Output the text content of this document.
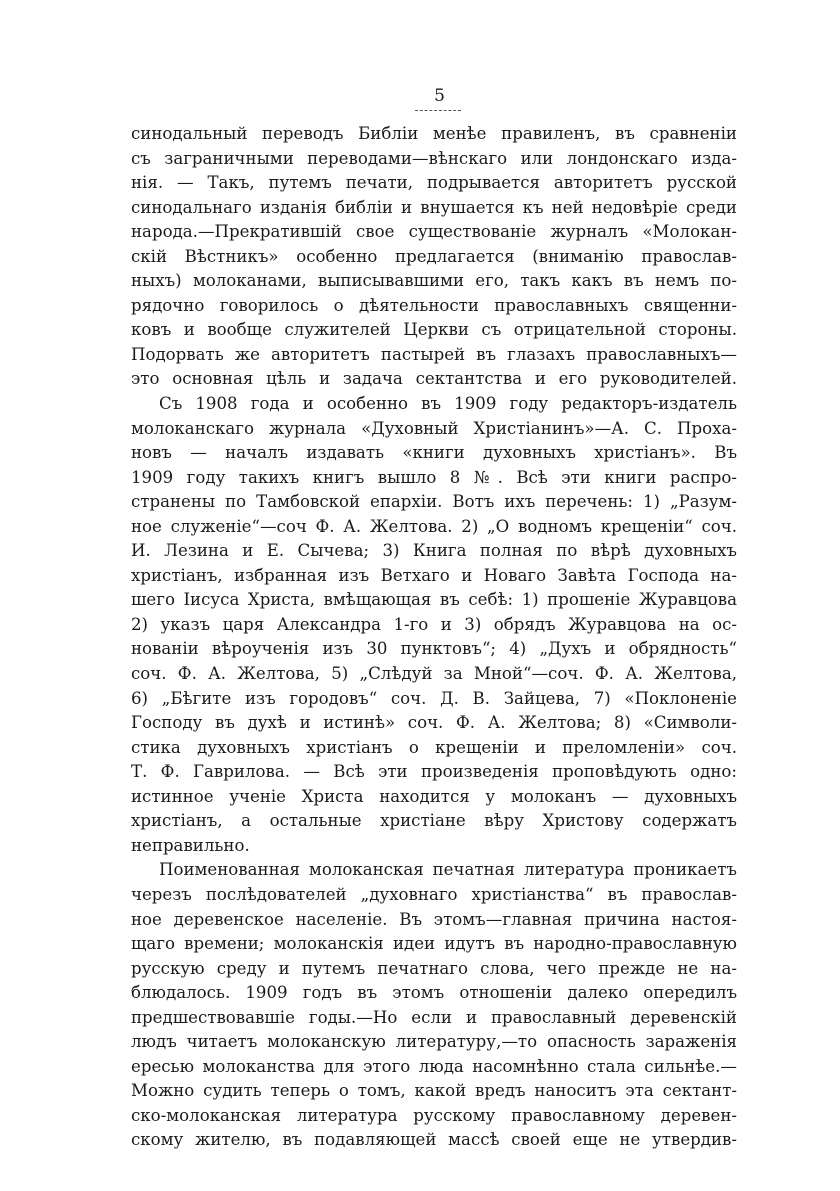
5
синодальный переводъ Библіи менѣе правиленъ, въ сравненіи
съ заграничными переводами—вѣнскаго или лондонскаго изда-
нія. — Такъ, путемъ печати, подрывается авторитетъ русской
синодальнаго изданія библіи и внушается къ ней недовѣріе среди
народа.—Прекратившій свое существованіе журналъ «Молокан-
скій Вѣстникъ» особенно предлагается (вниманію православ-
ныхъ) молоканами, выписывавшими его, такъ какъ въ немъ по-
рядочно говорилось о дѣятельности православныхъ священни-
ковъ и вообще служителей Церкви съ отрицательной стороны.
Подорвать же авторитетъ пастырей въ глазахъ православныхъ—
это основная цѣль и задача сектантства и его руководителей.
Съ 1908 года и особенно въ 1909 году редакторъ-издатель
молоканскаго журнала «Духовный Христіанинъ»—А. С. Проха-
новъ — началъ издавать «книги духовныхъ христіанъ». Въ
1909 году такихъ книгъ вышло 8 №. Всѣ эти книги распро-
странены по Тамбовской епархіи. Вотъ ихъ перечень: 1) „Разум-
ное служеніе“—соч Ф. А. Желтова. 2) „О водномъ крещеніи“ соч.
И. Лезина и Е. Сычева; 3) Книга полная по вѣрѣ духовныхъ
христіанъ, избранная изъ Ветхаго и Новаго Завѣта Господа на-
шего Іисуса Христа, вмѣщающая въ себѣ: 1) прошеніе Журавцова
2) указъ царя Александра 1-го и 3) обрядъ Журавцова на ос-
нованіи вѣроученія изъ 30 пунктовъ“; 4) „Духъ и обрядность“
соч. Ф. А. Желтова, 5) „Слѣдуй за Мной“—соч. Ф. А. Желтова,
6) „Бѣгите изъ городовъ“ соч. Д. В. Зайцева, 7) «Поклоненіе
Господу въ духѣ и истинѣ» соч. Ф. А. Желтова; 8) «Символи-
стика духовныхъ христіанъ о крещеніи и преломленіи» соч.
Т. Ф. Гаврилова. — Всѣ эти произведенія проповѣдують одно:
истинное ученіе Христа находится у молоканъ — духовныхъ
христіанъ, а остальные христіане вѣру Христову содержатъ
неправильно.
Поименованная молоканская печатная литература проникаетъ
черезъ послѣдователей „духовнаго христіанства“ въ православ-
ное деревенское населеніе. Въ этомъ—главная причина настоя-
щаго времени; молоканскія идеи идутъ въ народно-православную
русскую среду и путемъ печатнаго слова, чего прежде не на-
блюдалось. 1909 годъ въ этомъ отношеніи далеко опередилъ
предшествовавшіе годы.—Но если и православный деревенскій
людъ читаетъ молоканскую литературу,—то опасность зараженія
ересью молоканства для этого люда насомнѣнно стала сильнѣе.—
Можно судить теперь о томъ, какой вредъ наноситъ эта сектант-
ско-молоканская литература русскому православному деревен-
скому жителю, въ подавляющей массѣ своей еще не утвердив-
